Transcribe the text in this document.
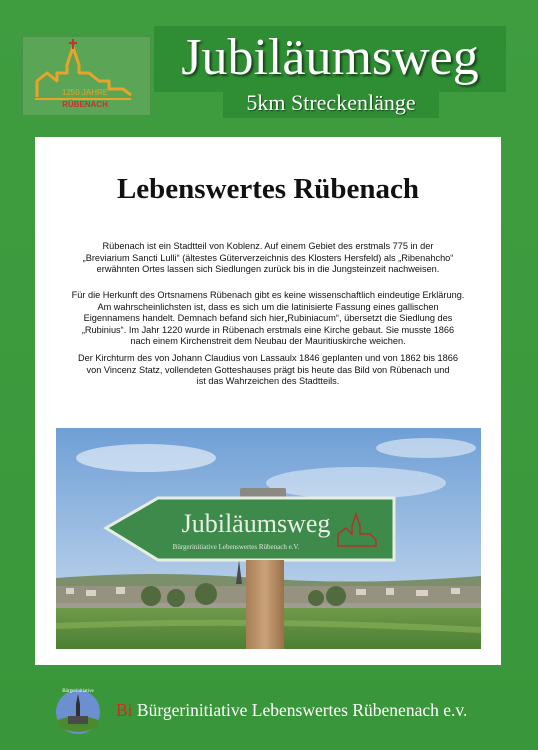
1250 JAHRE
RÜBENACH
Jubiläumsweg
5km Streckenlänge
Lebenswertes Rübenach
Rübenach ist ein Stadtteil von Koblenz. Auf einem Gebiet des erstmals 775 in der
„Breviarium Sancti Lulli“ (ältestes Güterverzeichnis des Klosters Hersfeld) als „Ribenahcho“
erwähnten Ortes lassen sich Siedlungen zurück bis in die Jungsteinzeit nachweisen.
Für die Herkunft des Ortsnamens Rübenach gibt es keine wissenschaftlich eindeutige Erklärung.
Am wahrscheinlichsten ist, dass es sich um die latinisierte Fassung eines gallischen
Eigennamens handelt. Demnach befand sich hier„Rubiniacum“, übersetzt die Siedlung des
„Rubinius“. Im Jahr 1220 wurde in Rübenach erstmals eine Kirche gebaut. Sie musste 1866
nach einem Kirchenstreit dem Neubau der Mauritiuskirche weichen.
Der Kirchturm des von Johann Claudius von Lassaulx 1846 geplanten und von 1862 bis 1866
von Vincenz Statz, vollendeten Gotteshauses prägt bis heute das Bild von Rübenach und
ist das Wahrzeichen des Stadtteils.
Jubiläumsweg
Bürgerinitiative Lebenswertes Rübenach e.V.
Bürgerinitiative
Bi Bürgerinitiative Lebenswertes Rübenenach e.v.
